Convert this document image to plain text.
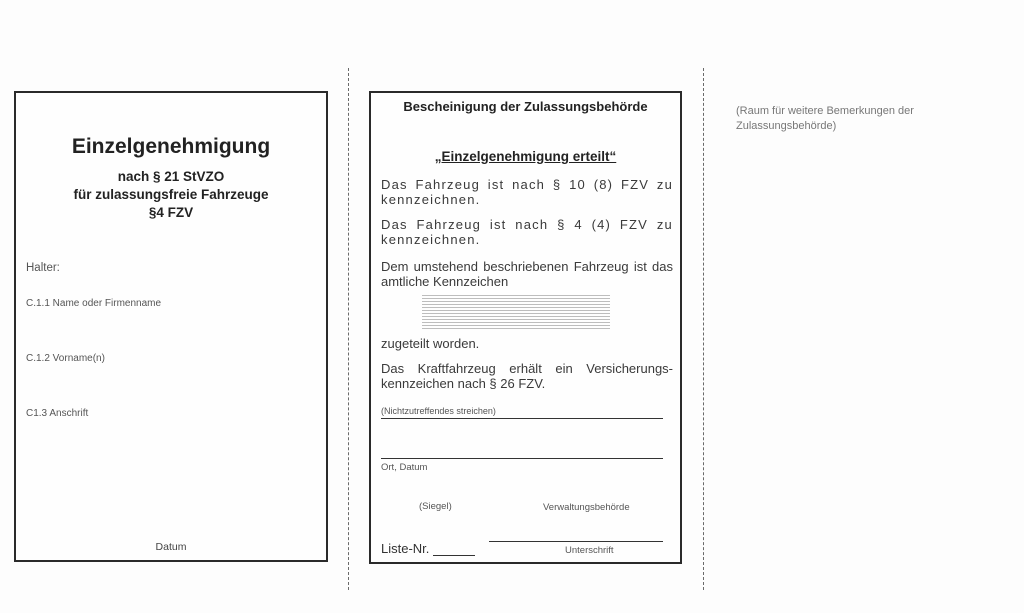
Einzelgenehmigung
nach § 21 StVZO
für zulassungsfreie Fahrzeuge
§4 FZV
Halter:
C.1.1 Name oder Firmenname
C.1.2 Vorname(n)
C1.3 Anschrift
Datum
Bescheinigung der Zulassungsbehörde
„Einzelgenehmigung erteilt“
Das Fahrzeug ist nach § 10 (8) FZV zu kennzeichnen.
Das Fahrzeug ist nach § 4 (4) FZV zu kennzeichnen.
Dem umstehend beschriebenen Fahrzeug ist das amtliche Kennzeichen
zugeteilt worden.
Das Kraftfahrzeug erhält ein Versicherungs-kennzeichen nach § 26 FZV.
(Nichtzutreffendes streichen)
Ort, Datum
(Siegel)	Verwaltungsbehörde
Liste-Nr.	Unterschrift
(Raum für weitere Bemerkungen der Zulassungsbehörde)
